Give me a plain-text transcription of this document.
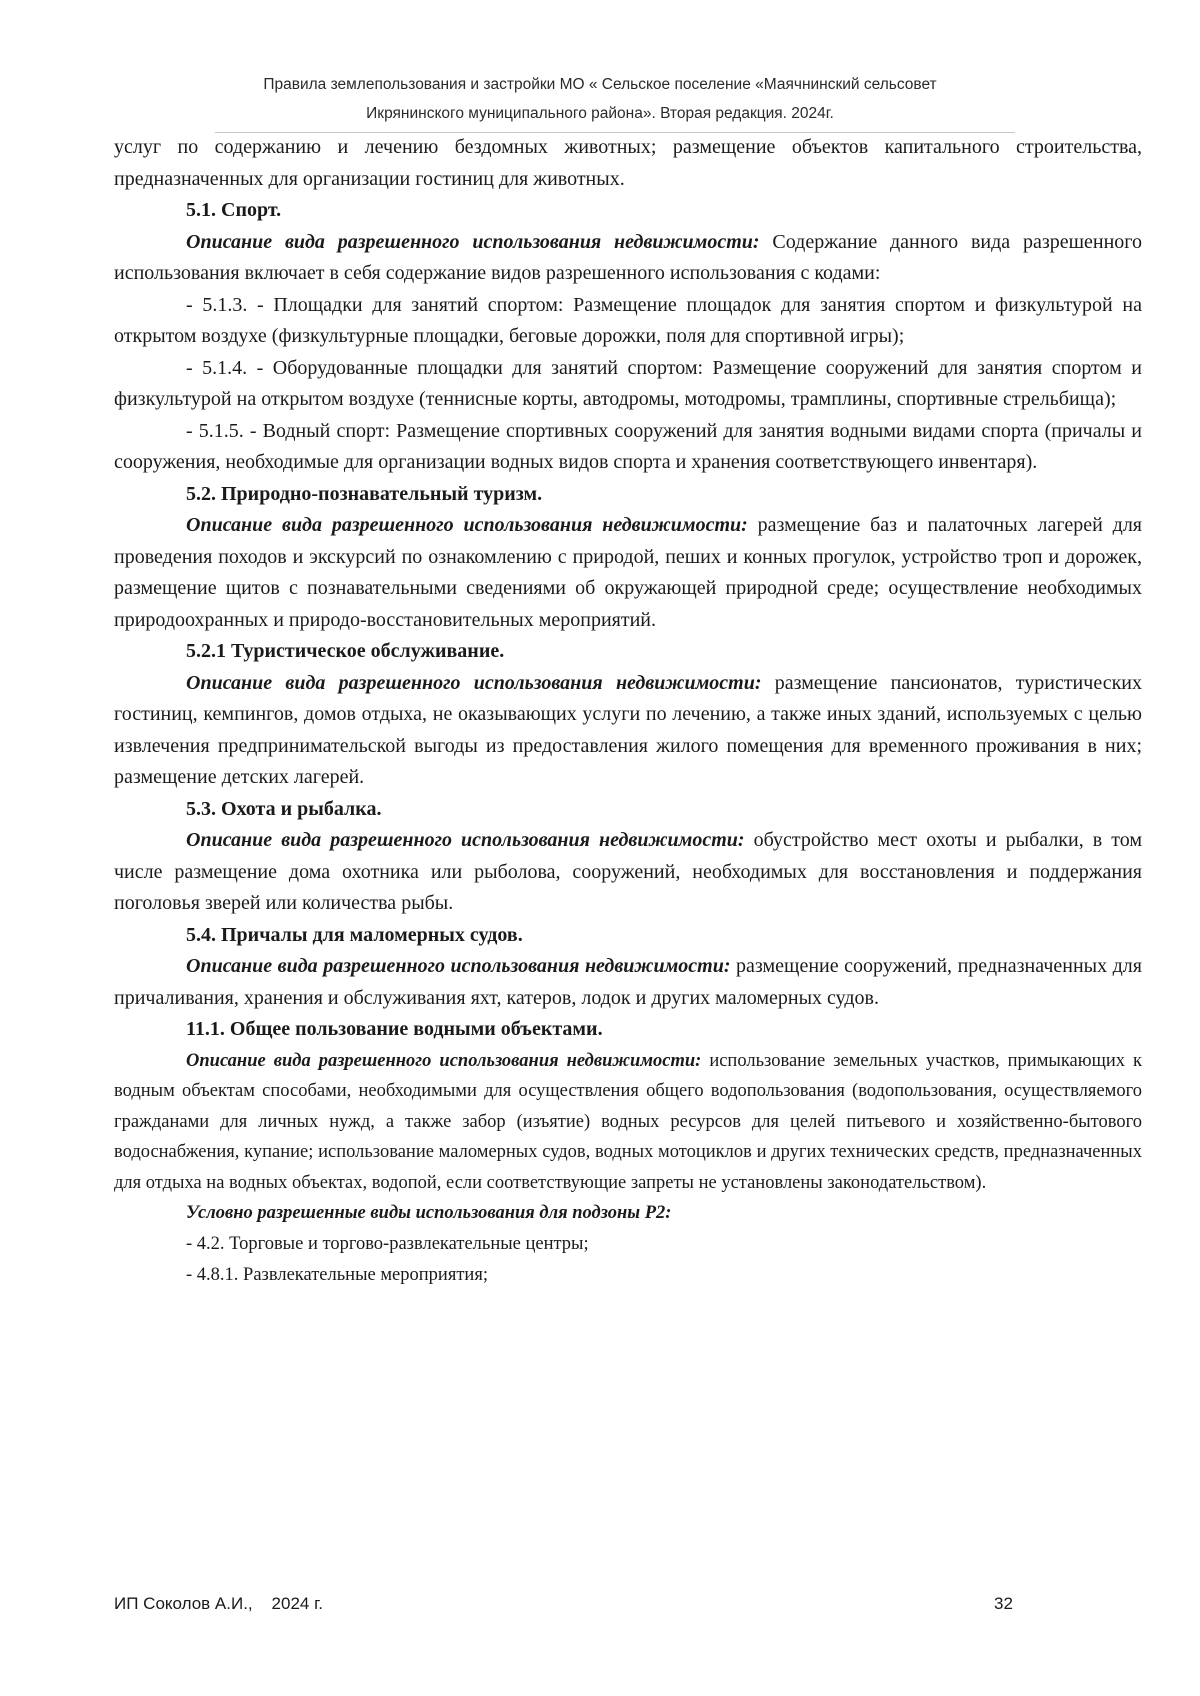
Правила землепользования и застройки МО « Сельское поселение «Маячнинский сельсовет
Икрянинского муниципального района». Вторая редакция. 2024г.

услуг по содержанию и лечению бездомных животных; размещение объектов капитального строительства, предназначенных для организации гостиниц для животных.

5.1. Спорт.

Описание вида разрешенного использования недвижимости: Содержание данного вида разрешенного использования включает в себя содержание видов разрешенного использования с кодами:

- 5.1.3. - Площадки для занятий спортом: Размещение площадок для занятия спортом и физкультурой на открытом воздухе (физкультурные площадки, беговые дорожки, поля для спортивной игры);

- 5.1.4. - Оборудованные площадки для занятий спортом: Размещение сооружений для занятия спортом и физкультурой на открытом воздухе (теннисные корты, автодромы, мотодромы, трамплины, спортивные стрельбища);

- 5.1.5. - Водный спорт: Размещение спортивных сооружений для занятия водными видами спорта (причалы и сооружения, необходимые для организации водных видов спорта и хранения соответствующего инвентаря).

5.2. Природно-познавательный туризм.

Описание вида разрешенного использования недвижимости: размещение баз и палаточных лагерей для проведения походов и экскурсий по ознакомлению с природой, пеших и конных прогулок, устройство троп и дорожек, размещение щитов с познавательными сведениями об окружающей природной среде; осуществление необходимых природоохранных и природо-восстановительных мероприятий.

5.2.1 Туристическое обслуживание.

Описание вида разрешенного использования недвижимости: размещение пансионатов, туристических гостиниц, кемпингов, домов отдыха, не оказывающих услуги по лечению, а также иных зданий, используемых с целью извлечения предпринимательской выгоды из предоставления жилого помещения для временного проживания в них; размещение детских лагерей.

5.3. Охота и рыбалка.

Описание вида разрешенного использования недвижимости: обустройство мест охоты и рыбалки, в том числе размещение дома охотника или рыболова, сооружений, необходимых для восстановления и поддержания поголовья зверей или количества рыбы.

5.4. Причалы для маломерных судов.

Описание вида разрешенного использования недвижимости: размещение сооружений, предназначенных для причаливания, хранения и обслуживания яхт, катеров, лодок и других маломерных судов.

11.1. Общее пользование водными объектами.

Описание вида разрешенного использования недвижимости: использование земельных участков, примыкающих к водным объектам способами, необходимыми для осуществления общего водопользования (водопользования, осуществляемого гражданами для личных нужд, а также забор (изъятие) водных ресурсов для целей питьевого и хозяйственно-бытового водоснабжения, купание; использование маломерных судов, водных мотоциклов и других технических средств, предназначенных для отдыха на водных объектах, водопой, если соответствующие запреты не установлены законодательством).

Условно разрешенные виды использования для подзоны Р2:

- 4.2. Торговые и торгово-развлекательные центры;

- 4.8.1. Развлекательные мероприятия;

ИП Соколов А.И.,    2024 г.	32
